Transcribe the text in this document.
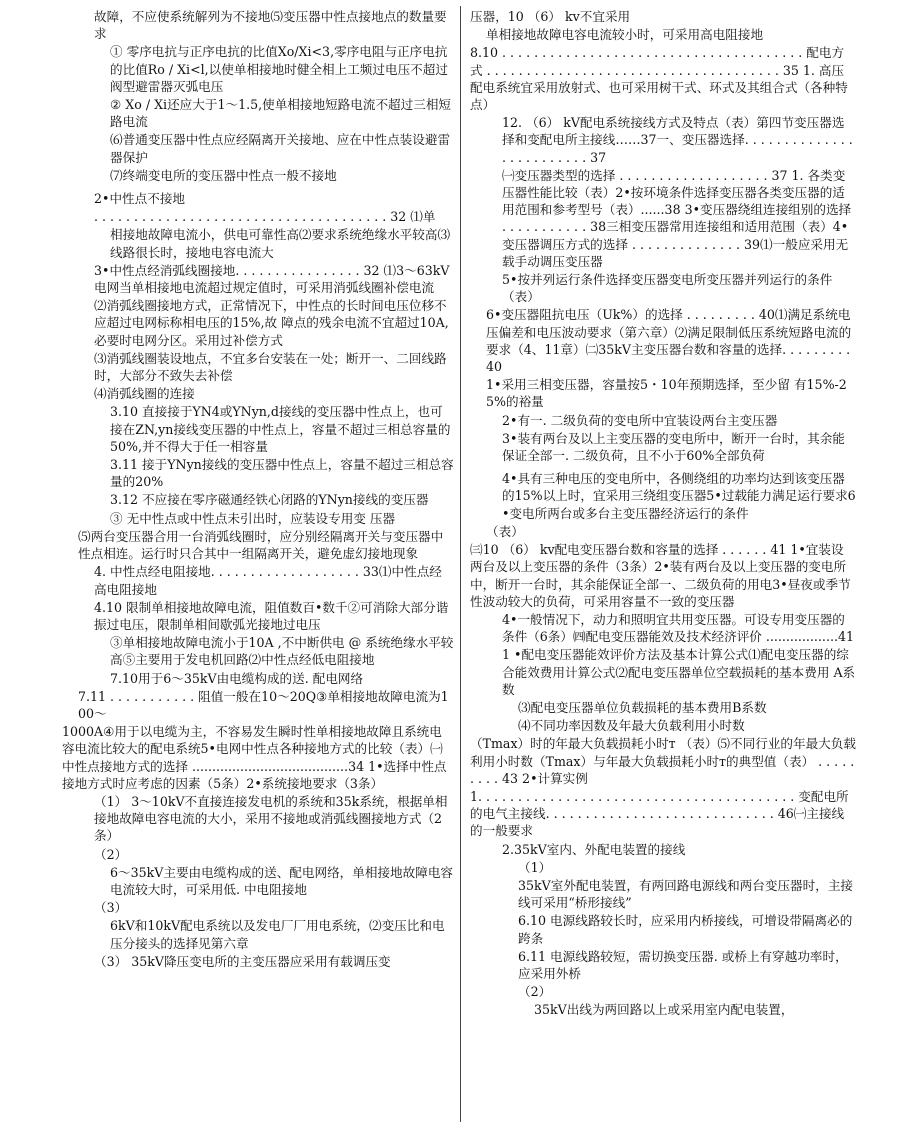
故障，不应使系统解列为不接地⑸变压器中性点接地点的数量要求

① 零序电抗与正序电抗的比值Xo/Xi<3,零序电阻与正序电抗的比值Ro / Xi<l,以使单相接地时健全相上工频过电压不超过阀型避雷器灭弧电压

② Xo / Xi还应大于1～1.5,使单相接地短路电流不超过三相短路电流

⑹普通变压器中性点应经隔离开关接地、应在中性点装设避雷器保护

⑺终端变电所的变压器中性点一般不接地

2•中性点不接地

. . . . . . . . . . . . . . . . . . . . . . . . . . . . . . . . . . . . . 32 ⑴单

相接地故障电流小，供电可靠性高⑵要求系统绝缘水平较高⑶线路很长时，接地电容电流大

3•中性点经消弧线圈接地. . . . . . . . . . . . . . . . 32 ⑴3～63kV电网当单相接地电流超过规定值时，可采用消弧线圈补偿电流

⑵消弧线圈接地方式，正常情况下，中性点的长时间电压位移不应超过电网标称相电压的15%,故 障点的残余电流不宜超过10A,必要时电网分区。采用过补偿方式

⑶消弧线圈装设地点，不宜多台安装在一处；断开一、二回线路时，大部分不致失去补偿

⑷消弧线圈的连接

3.10 直接接于YN4或YNyn,d接线的变压器中性点上，也可接在ZN,yn接线变压器的中性点上，容量不超过三相总容量的50%,并不得大于任一相容量

3.11 接于YNyn接线的变压器中性点上，容量不超过三相总容量的20%

3.12 不应接在零序磁通经铁心闭路的YNyn接线的变压器

③ 无中性点或中性点未引出时，应装设专用变 压器

⑸两台变压器合用一台消弧线圈时，应分别经隔离开关与变压器中性点相连。运行时只合其中一组隔离开关，避免虚幻接地现象

4. 中性点经电阻接地. . . . . . . . . . . . . . . . . . . 33⑴中性点经高电阻接地

4.10 限制单相接地故障电流，阻值数百•数千②可消除大部分谐振过电压，限制单相间歇弧光接地过电压

③单相接地故障电流小于10A ,不中断供电 @ 系统绝缘水平较高⑤主要用于发电机回路⑵中性点经低电阻接地

7.10用于6～35kV由电缆构成的送. 配电网络

7.11 . . . . . . . . . . . 阻值一般在10～20Q③单相接地故障电流为100～

1000A④用于以电缆为主，不容易发生瞬时性单相接地故障且系统电容电流比较大的配电系统5•电网中性点各种接地方式的比较（表）㈠中性点接地方式的选择 .......................................34 1•选择中性点接地方式时应考虑的因素（5条）2•系统接地要求（3条）

（1） 3～10kV不直接连接发电机的系统和35k系统，根据单相接地故障电容电流的大小，采用不接地或消弧线圈接地方式（2条）

（2）

6～35kV主要由电缆构成的送、配电网络，单相接地故障电容电流较大时，可采用低. 中电阻接地

（3）

6kV和10kV配电系统以及发电厂厂用电系统，⑵变压比和电压分接头的选择见第六章

（3） 35kV降压变电所的主变压器应采用有载调压变

压器，10 （6） kv不宜采用

单相接地故障电容电流较小时，可采用高电阻接地

8.10 . . . . . . . . . . . . . . . . . . . . . . . . . . . . . . . . . . . . . . 配电方式 . . . . . . . . . . . . . . . . . . . . . . . . . . . . . . . . . . . . . 35 1. 高压配电系统宜采用放射式、也可采用树干式、环式及其组合式（各种特点）

12. （6） kV配电系统接线方式及特点（表）第四节变压器选择和变配电所主接线……37一、变压器选择. . . . . . . . . . . . . . . . . . . . . . . . . 37

㈠变压器类型的选择 . . . . . . . . . . . . . . . . . . . 37 1. 各类变压器性能比较（表）2•按环境条件选择变压器各类变压器的适用范围和参考型号（表）......38 3•变压器绕组连接组别的选择 . . . . . . . . . . . 38三相变压器常用连接组和适用范围（表）4•变压器调压方式的选择 . . . . . . . . . . . . . . 39⑴一般应采用无载手动调压变压器

5•按并列运行条件选择变压器变电所变压器并列运行的条件（表）

6•变压器阻抗电压（Uk%）的选择 . . . . . . . . . 40⑴满足系统电压偏差和电压波动要求（第六章）⑵满足限制低压系统短路电流的要求（4、11章）㈡35kV主变压器台数和容量的选择. . . . . . . . . 40

1•采用三相变压器，容量按5・10年预期选择，至少留 有15%-25%的裕量

2•有一. 二级负荷的变电所中宜装设两台主变压器

3•装有两台及以上主变压器的变电所中，断开一台时，其余能保证全部一. 二级负荷，且不小于60%全部负荷

4•具有三种电压的变电所中，各侧绕组的功率均达到该变压器的15%以上时，宜采用三绕组变压器5•过载能力满足运行要求6•变电所两台或多台主变压器经济运行的条件

（表）

㈢10 （6） kv配电变压器台数和容量的选择 . . . . . . 41 1•宜装设两台及以上变压器的条件（3条）2•装有两台及以上变压器的变电所中，断开一台时，其余能保证全部一、二级负荷的用电3•昼夜或季节性波动较大的负荷，可采用容量不一致的变压器

4•一般情况下，动力和照明宜共用变压器。可设专用变压器的条件（6条）㈣配电变压器能效及技术经济评价 ..................41

1 •配电变压器能效评价方法及基本计算公式⑴配电变压器的综合能效费用计算公式⑵配电变压器单位空载损耗的基本费用 A系数

⑶配电变压器单位负载损耗的基本费用B系数

⑷不同功率因数及年最大负载利用小时数

（Tmax）时的年最大负载损耗小时т （表）⑸不同行业的年最大负载利用小时数（Tmax）与年最大负载损耗小时т的典型值（表） . . . . . . . . . 43 2•计算实例

1. . . . . . . . . . . . . . . . . . . . . . . . . . . . . . . . . . . . . . . . 变配电所的电气主接线. . . . . . . . . . . . . . . . . . . . . . . . . . . . . 46㈠主接线的一般要求

2.35kV室内、外配电装置的接线

（1）

35kV室外配电装置，有两回路电源线和两台变压器时，主接线可采用“桥形接线”

6.10 电源线路较长时，应采用内桥接线，可增设带隔离必的跨条

6.11 电源线路较短，需切换变压器. 或桥上有穿越功率时，应采用外桥

（2）

35kV出线为两回路以上或采用室内配电装置，
